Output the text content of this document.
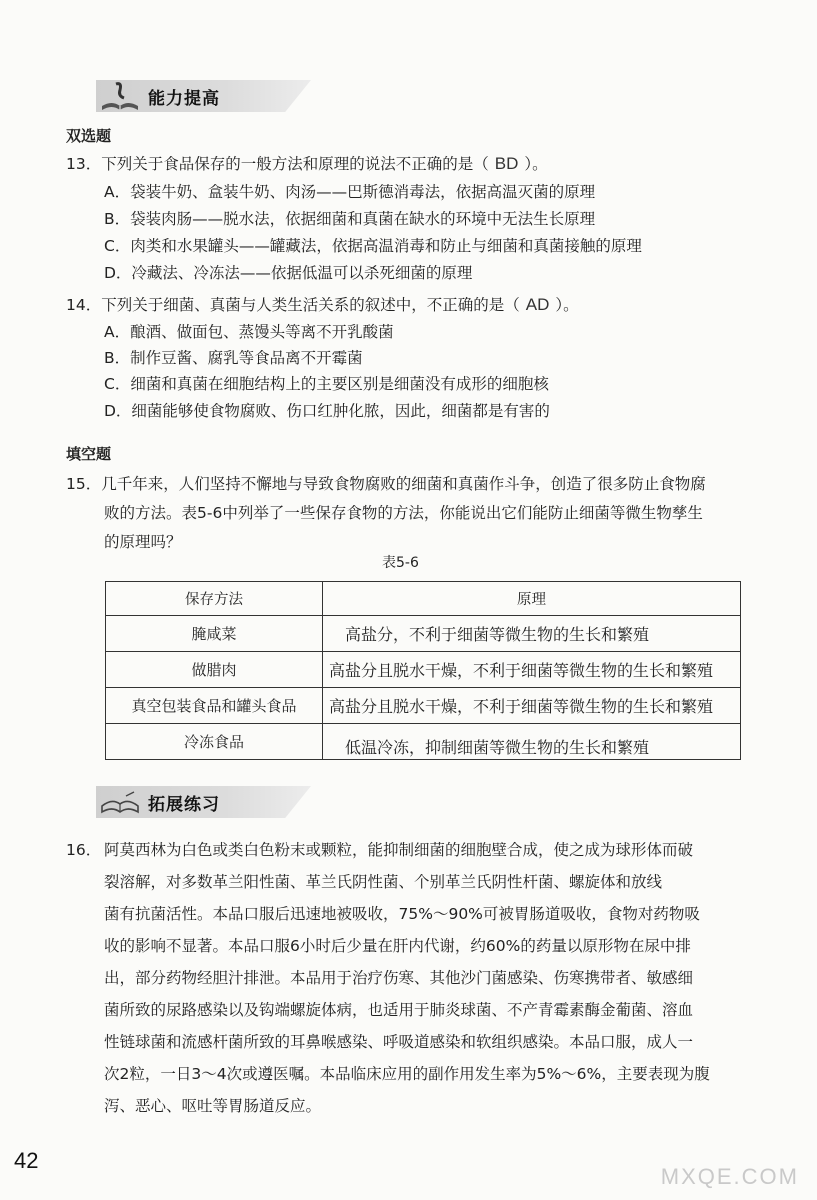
能力提高
双选题
13．下列关于食品保存的一般方法和原理的说法不正确的是（ BD ）。
A．袋装牛奶、盒装牛奶、肉汤——巴斯德消毒法，依据高温灭菌的原理
B．袋装肉肠——脱水法，依据细菌和真菌在缺水的环境中无法生长原理
C．肉类和水果罐头——罐藏法，依据高温消毒和防止与细菌和真菌接触的原理
D．冷藏法、冷冻法——依据低温可以杀死细菌的原理
14．下列关于细菌、真菌与人类生活关系的叙述中，不正确的是（ AD ）。
A．酿酒、做面包、蒸馒头等离不开乳酸菌
B．制作豆酱、腐乳等食品离不开霉菌
C．细菌和真菌在细胞结构上的主要区别是细菌没有成形的细胞核
D．细菌能够使食物腐败、伤口红肿化脓，因此，细菌都是有害的
填空题
15．几千年来，人们坚持不懈地与导致食物腐败的细菌和真菌作斗争，创造了很多防止食物腐
败的方法。表5-6中列举了一些保存食物的方法，你能说出它们能防止细菌等微生物孳生
的原理吗？
表5-6
保存方法	原理
腌咸菜	高盐分，不利于细菌等微生物的生长和繁殖
做腊肉	高盐分且脱水干燥，不利于细菌等微生物的生长和繁殖
真空包装食品和罐头食品	高盐分且脱水干燥，不利于细菌等微生物的生长和繁殖
冷冻食品	低温冷冻，抑制细菌等微生物的生长和繁殖
拓展练习
16． 阿莫西林为白色或类白色粉末或颗粒，能抑制细菌的细胞壁合成，使之成为球形体而破
裂溶解，对多数革兰阳性菌、革兰氏阴性菌、个别革兰氏阴性杆菌、螺旋体和放线
菌有抗菌活性。本品口服后迅速地被吸收，75%～90%可被胃肠道吸收，食物对药物吸
收的影响不显著。本品口服6小时后少量在肝内代谢，约60%的药量以原形物在尿中排
出，部分药物经胆汁排泄。本品用于治疗伤寒、其他沙门菌感染、伤寒携带者、敏感细
菌所致的尿路感染以及钩端螺旋体病，也适用于肺炎球菌、不产青霉素酶金葡菌、溶血
性链球菌和流感杆菌所致的耳鼻喉感染、呼吸道感染和软组织感染。本品口服，成人一
次2粒，一日3～4次或遵医嘱。本品临床应用的副作用发生率为5%～6%，主要表现为腹
泻、恶心、呕吐等胃肠道反应。
42
MXQE.COM
